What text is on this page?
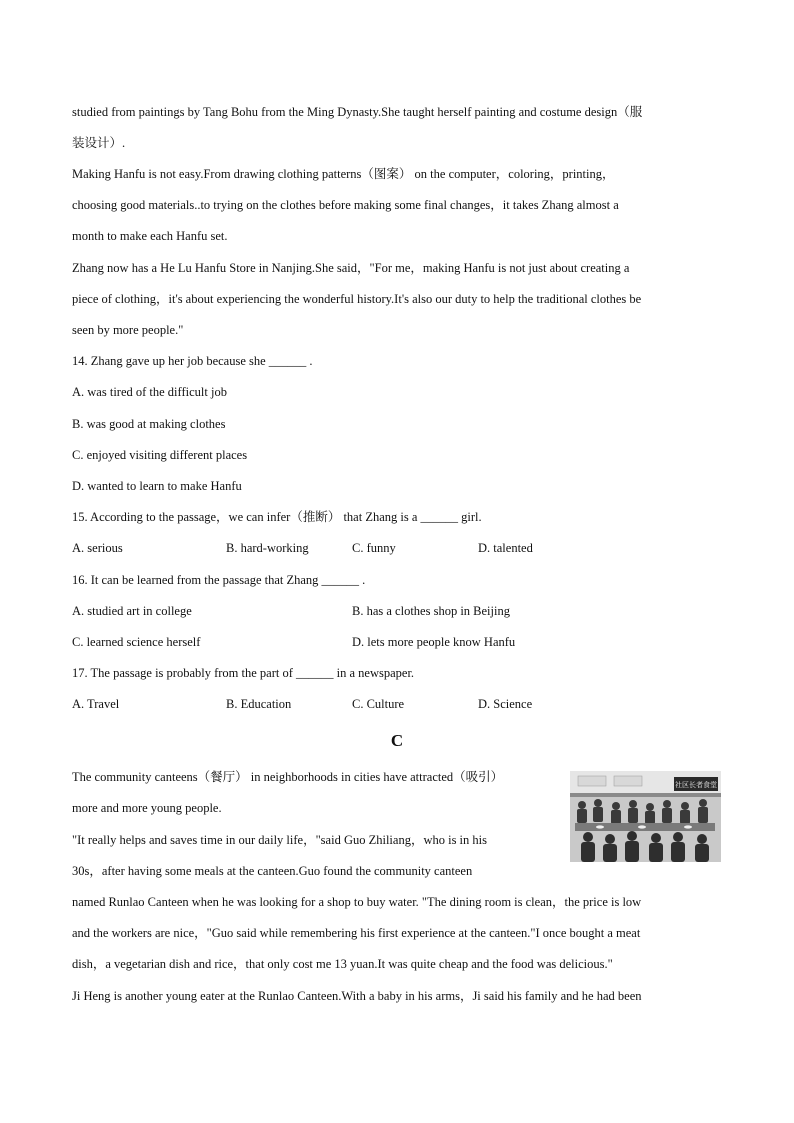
studied from paintings by Tang Bohu from the Ming Dynasty.She taught herself painting and costume design（服
装设计）.
Making Hanfu is not easy.From drawing clothing patterns（图案） on the computer，coloring，printing，
choosing good materials..to trying on the clothes before making some final changes，it takes Zhang almost a
month to make each Hanfu set.
Zhang now has a He Lu Hanfu Store in Nanjing.She said，"For me，making Hanfu is not just about creating a
piece of clothing，it's about experiencing the wonderful history.It's also our duty to help the traditional clothes be
seen by more people."
14. Zhang gave up her job because she ______ .
A. was tired of the difficult job
B. was good at making clothes
C. enjoyed visiting different places
D. wanted to learn to make Hanfu
15. According to the passage，we can infer（推断） that Zhang is a ______ girl.
A. serious	B. hard-working	C. funny	D. talented
16. It can be learned from the passage that Zhang ______ .
A. studied art in college	B. has a clothes shop in Beijing
C. learned science herself	D. lets more people know Hanfu
17. The passage is probably from the part of ______ in a newspaper.
A. Travel	B. Education	C. Culture	D. Science
C
The community canteens（餐厅） in neighborhoods in cities have attracted（吸引）
more and more young people.
"It really helps and saves time in our daily life，"said Guo Zhiliang，who is in his
30s，after having some meals at the canteen.Guo found the community canteen
named Runlao Canteen when he was looking for a shop to buy water. "The dining room is clean，the price is low
and the workers are nice，"Guo said while remembering his first experience at the canteen."I once bought a meat
dish，a vegetarian dish and rice，that only cost me 13 yuan.It was quite cheap and the food was delicious."
Ji Heng is another young eater at the Runlao Canteen.With a baby in his arms，Ji said his family and he had been
社区长者食堂
